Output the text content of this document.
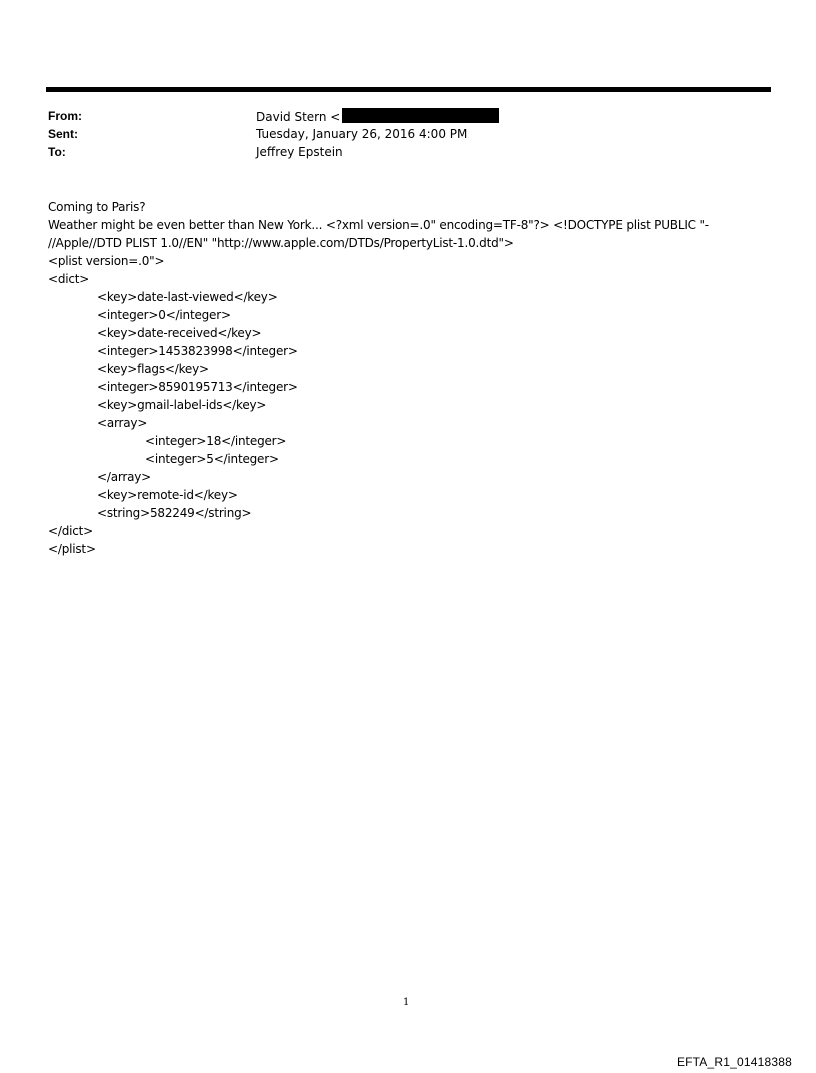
From:	David Stern <
Sent:	Tuesday, January 26, 2016 4:00 PM
To:	Jeffrey Epstein
Coming to Paris?
Weather might be even better than New York... <?xml version=.0" encoding=TF-8"?> <!DOCTYPE plist PUBLIC "-
//Apple//DTD PLIST 1.0//EN" "http://www.apple.com/DTDs/PropertyList-1.0.dtd">
<plist version=.0">
<dict>
<key>date-last-viewed</key>
<integer>0</integer>
<key>date-received</key>
<integer>1453823998</integer>
<key>flags</key>
<integer>8590195713</integer>
<key>gmail-label-ids</key>
<array>
<integer>18</integer>
<integer>5</integer>
</array>
<key>remote-id</key>
<string>582249</string>
</dict>
</plist>
1
EFTA_R1_01418388
